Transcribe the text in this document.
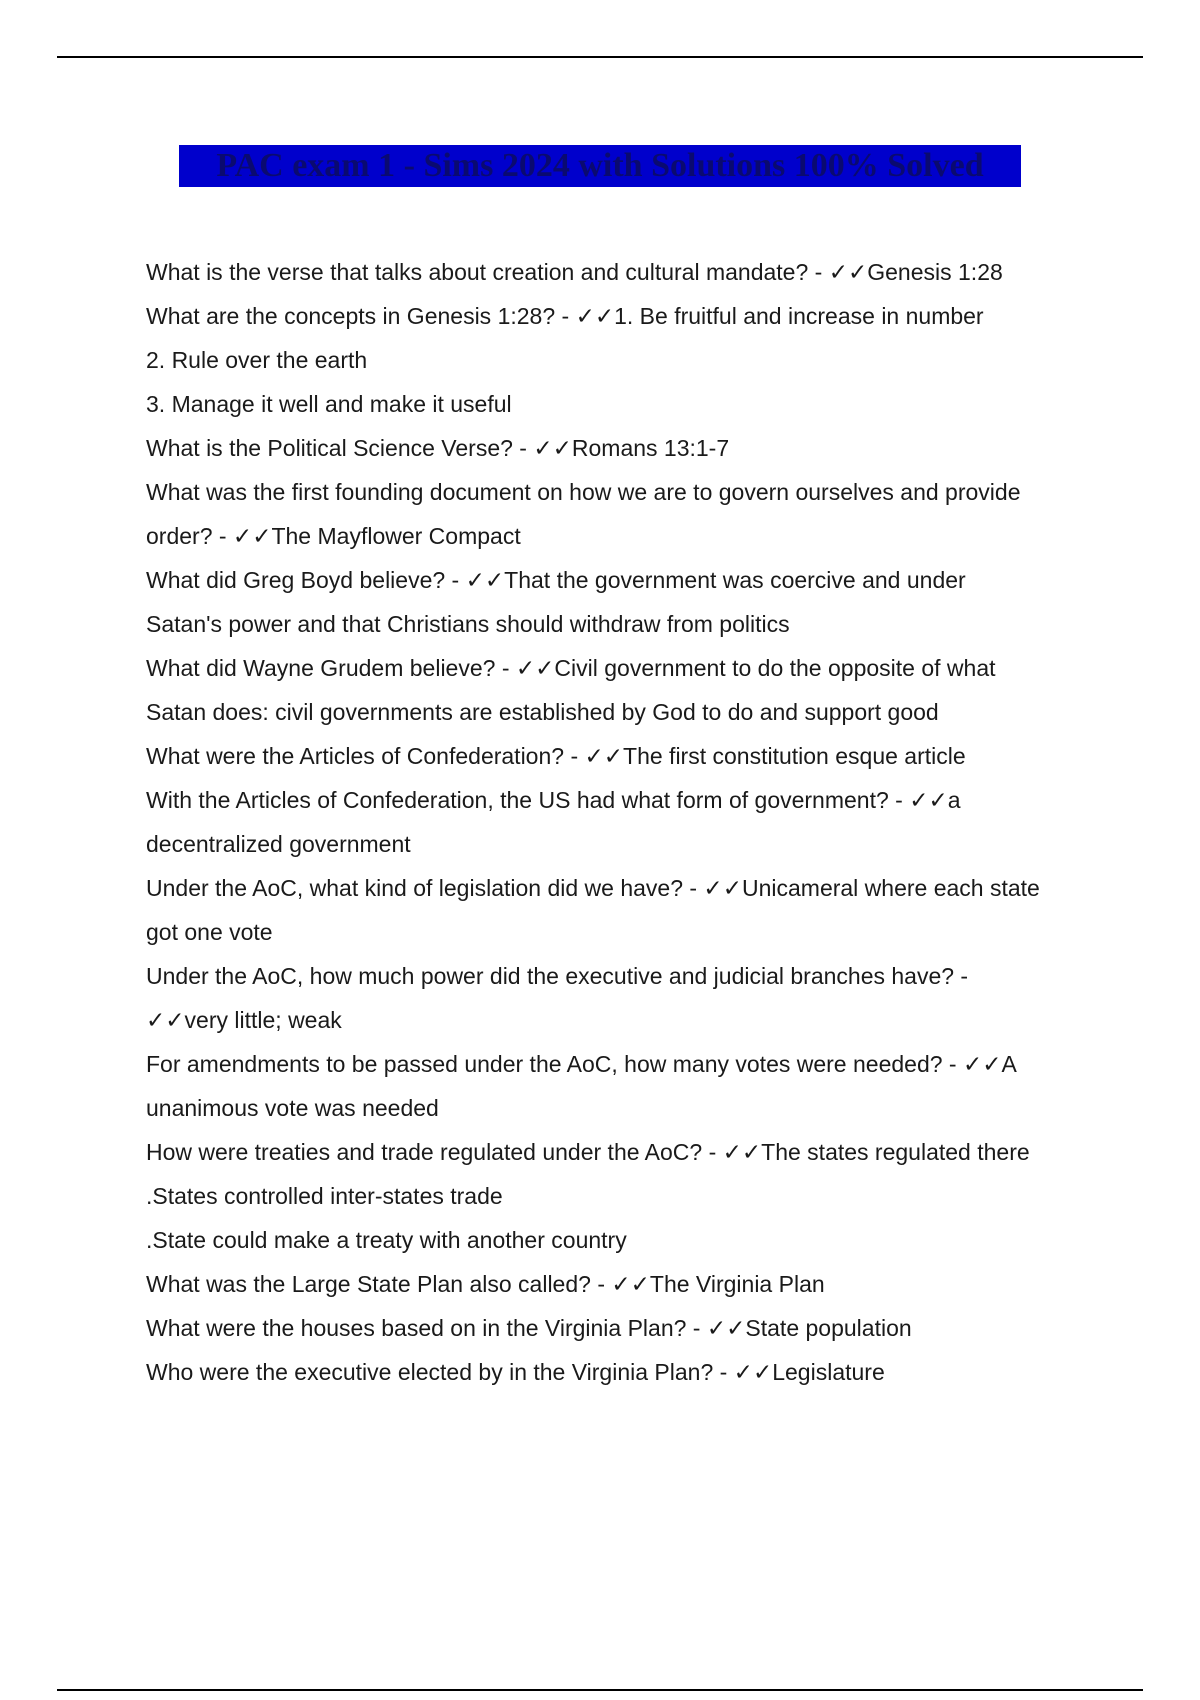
PAC exam 1 - Sims 2024 with Solutions 100% Solved
What is the verse that talks about creation and cultural mandate? - ✓✓Genesis 1:28
What are the concepts in Genesis 1:28? - ✓✓1. Be fruitful and increase in number
2. Rule over the earth
3. Manage it well and make it useful
What is the Political Science Verse? - ✓✓Romans 13:1-7
What was the first founding document on how we are to govern ourselves and provide
order? - ✓✓The Mayflower Compact
What did Greg Boyd believe? - ✓✓That the government was coercive and under
Satan's power and that Christians should withdraw from politics
What did Wayne Grudem believe? - ✓✓Civil government to do the opposite of what
Satan does: civil governments are established by God to do and support good
What were the Articles of Confederation? - ✓✓The first constitution esque article
With the Articles of Confederation, the US had what form of government? - ✓✓a
decentralized government
Under the AoC, what kind of legislation did we have? - ✓✓Unicameral where each state
got one vote
Under the AoC, how much power did the executive and judicial branches have? -
✓✓very little; weak
For amendments to be passed under the AoC, how many votes were needed? - ✓✓A
unanimous vote was needed
How were treaties and trade regulated under the AoC? - ✓✓The states regulated there
.States controlled inter-states trade
.State could make a treaty with another country
What was the Large State Plan also called? - ✓✓The Virginia Plan
What were the houses based on in the Virginia Plan? - ✓✓State population
Who were the executive elected by in the Virginia Plan? - ✓✓Legislature
